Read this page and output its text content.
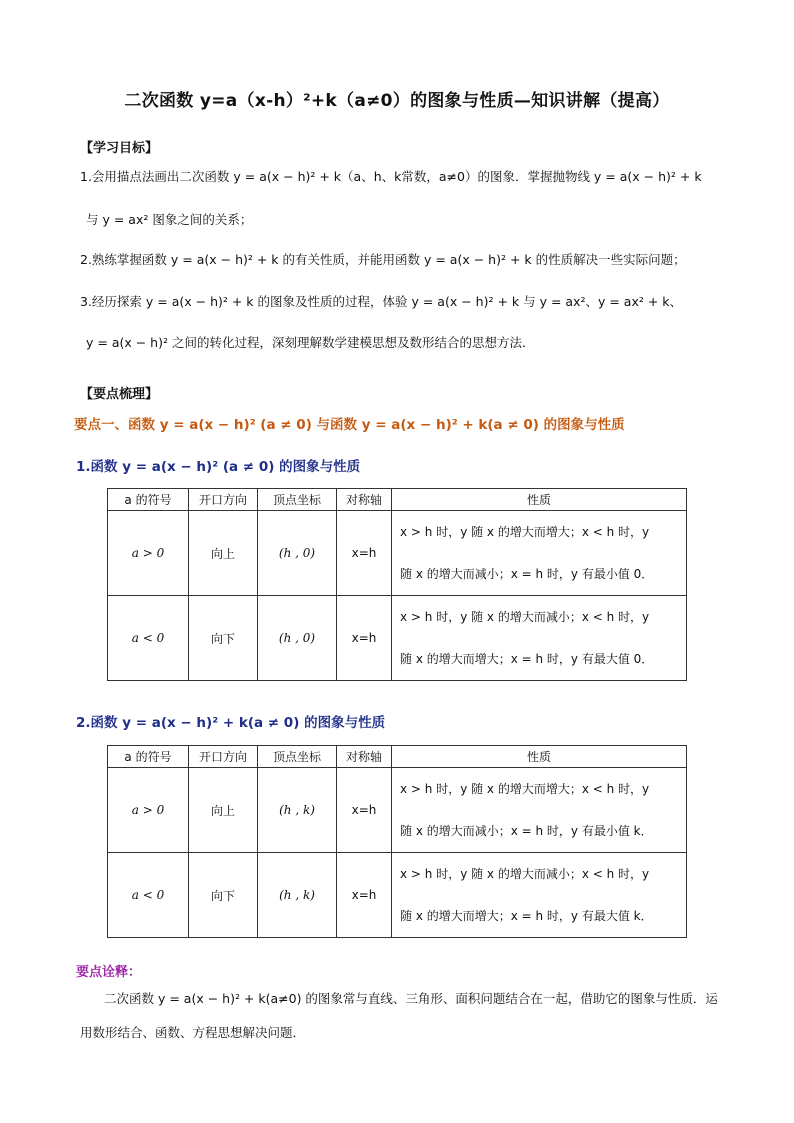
二次函数 y=a（x-h）²+k（a≠0）的图象与性质—知识讲解（提高）
【学习目标】
1.会用描点法画出二次函数 y = a(x − h)² + k（a、h、k常数，a≠0）的图象．掌握抛物线 y = a(x − h)² + k
与 y = ax² 图象之间的关系；
2.熟练掌握函数 y = a(x − h)² + k 的有关性质，并能用函数 y = a(x − h)² + k 的性质解决一些实际问题；
3.经历探索 y = a(x − h)² + k 的图象及性质的过程，体验 y = a(x − h)² + k 与 y = ax²、y = ax² + k、
y = a(x − h)² 之间的转化过程，深刻理解数学建模思想及数形结合的思想方法．
【要点梳理】
要点一、函数 y = a(x − h)² (a ≠ 0) 与函数 y = a(x − h)² + k(a ≠ 0) 的图象与性质
1.函数 y = a(x − h)² (a ≠ 0) 的图象与性质
a 的符号	开口方向	顶点坐标	对称轴	性质
a > 0	向上	(h , 0)	x=h	x > h 时，y 随 x 的增大而增大；x < h 时，y
随 x 的增大而减小；x = h 时，y 有最小值 0．

a < 0	向下	(h , 0)	x=h	x > h 时，y 随 x 的增大而减小；x < h 时，y
随 x 的增大而增大；x = h 时，y 有最大值 0．
2.函数 y = a(x − h)² + k(a ≠ 0) 的图象与性质
a 的符号	开口方向	顶点坐标	对称轴	性质
a > 0	向上	(h , k)	x=h	x > h 时，y 随 x 的增大而增大；x < h 时，y
随 x 的增大而减小；x = h 时，y 有最小值 k．

a < 0	向下	(h , k)	x=h	x > h 时，y 随 x 的增大而减小；x < h 时，y
随 x 的增大而增大；x = h 时，y 有最大值 k．
要点诠释：
二次函数 y = a(x − h)² + k(a≠0) 的图象常与直线、三角形、面积问题结合在一起，借助它的图象与性质．运用数形结合、函数、方程思想解决问题．
